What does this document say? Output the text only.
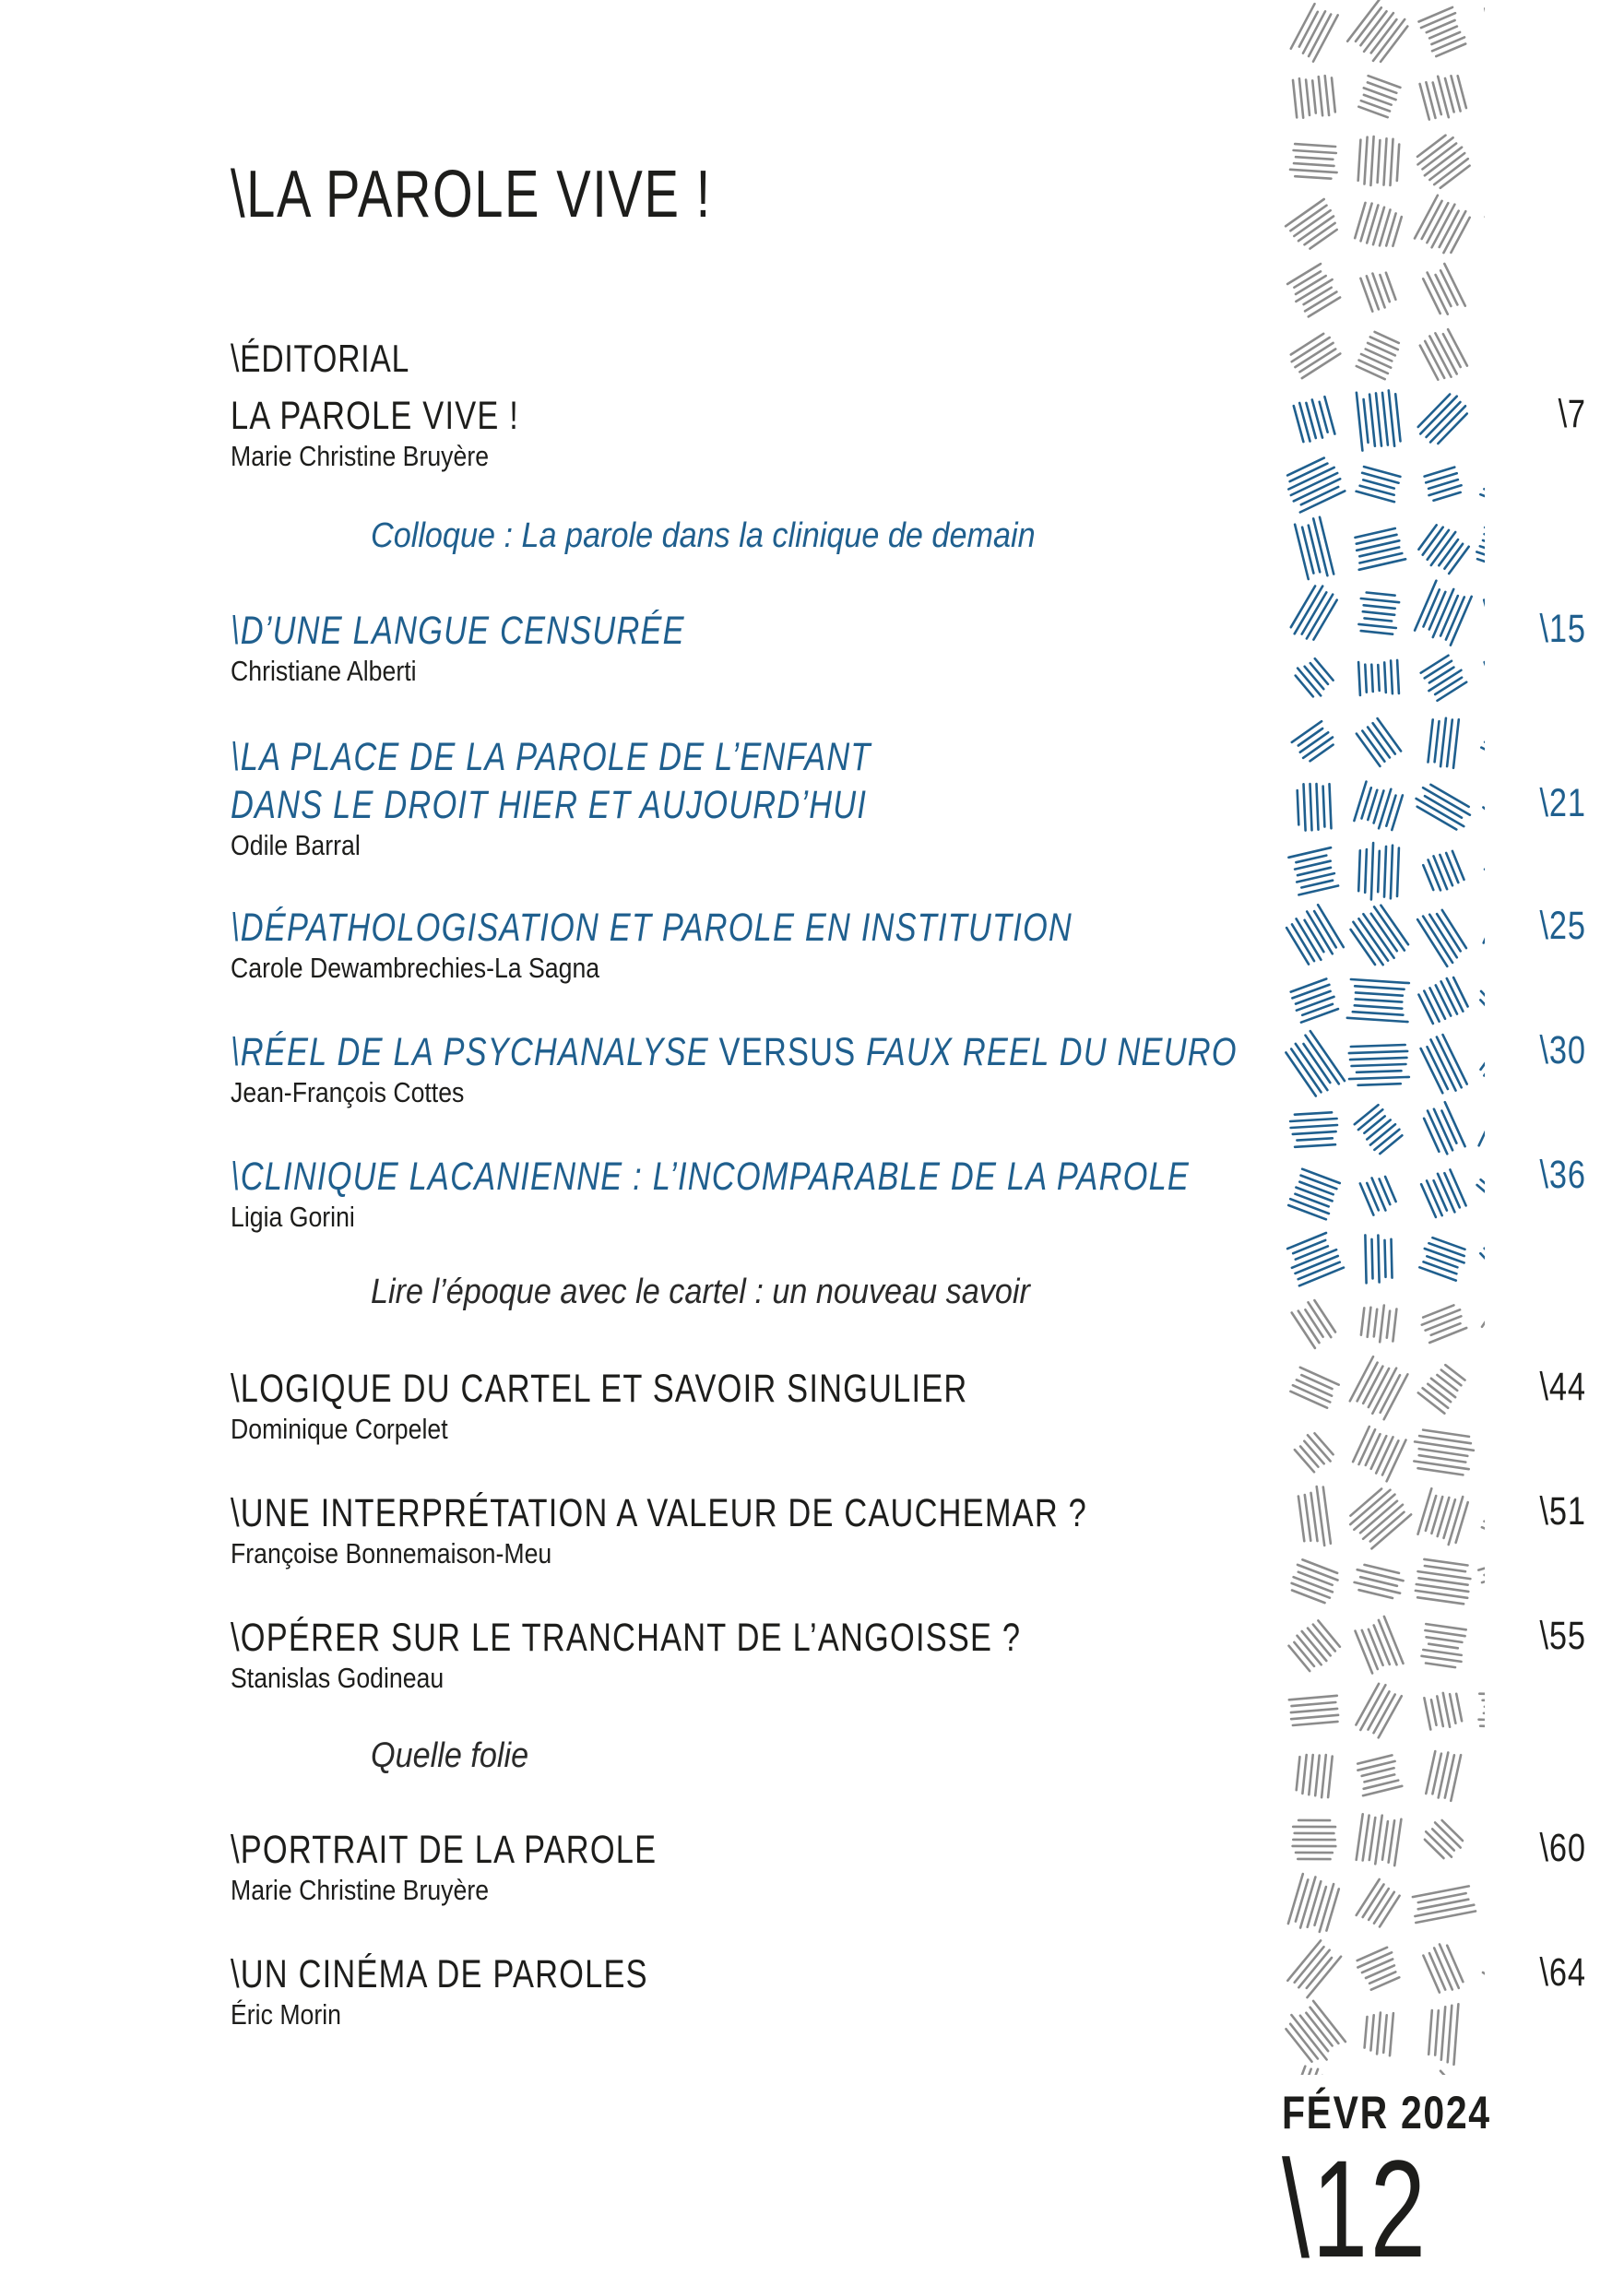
\LA PAROLE VIVE !
\ÉDITORIAL
LA PAROLE VIVE !
Marie Christine Bruyère
\7
Colloque : La parole dans la clinique de demain
\D’UNE LANGUE CENSURÉE
Christiane Alberti
\15
\LA PLACE DE LA PAROLE DE L’ENFANT
DANS LE DROIT HIER ET AUJOURD’HUI
Odile Barral
\21
\DÉPATHOLOGISATION ET PAROLE EN INSTITUTION
Carole Dewambrechies-La Sagna
\25
\RÉEL DE LA PSYCHANALYSE VERSUS FAUX REEL DU NEURO
Jean-François Cottes
\30
\CLINIQUE LACANIENNE : L’INCOMPARABLE DE LA PAROLE
Ligia Gorini
\36
Lire l’époque avec le cartel : un nouveau savoir
\LOGIQUE DU CARTEL ET SAVOIR SINGULIER
Dominique Corpelet
\44
\UNE INTERPRÉTATION A VALEUR DE CAUCHEMAR ?
Françoise Bonnemaison-Meu
\51
\OPÉRER SUR LE TRANCHANT DE L’ANGOISSE ?
Stanislas Godineau
\55
Quelle folie
\PORTRAIT DE LA PAROLE
Marie Christine Bruyère
\60
\UN CINÉMA DE PAROLES
Éric Morin
\64
FÉVR 2024
\12
